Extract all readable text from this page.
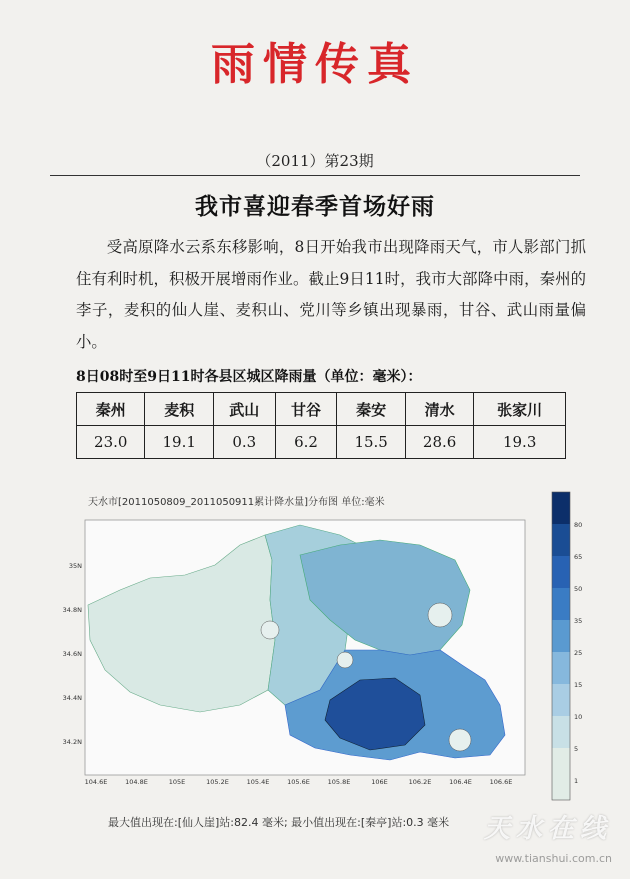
雨情传真
（2011）第23期
我市喜迎春季首场好雨
受高原降水云系东移影响，8日开始我市出现降雨天气，市人影部门抓住有利时机，积极开展增雨作业。截止9日11时，我市大部降中雨，秦州的李子，麦积的仙人崖、麦积山、党川等乡镇出现暴雨，甘谷、武山雨量偏小。
8日08时至9日11时各县区城区降雨量（单位：毫米）：
秦州	麦积	武山	甘谷	秦安	清水	张家川
23.0	19.1	0.3	6.2	15.5	28.6	19.3
天水市[2011050809_2011050911累计降水量]分布图 单位:毫米
35N
34.8N
34.6N
34.4N
34.2N
104.6E	104.8E	105E	105.2E	105.4E	105.6E	105.8E	106E	106.2E	106.4E	106.6E
80
65
50
35
25
15
10
5
1
最大值出现在:[仙人崖]站:82.4 毫米; 最小值出现在:[秦亭]站:0.3 毫米 天水在线
www.tianshui.com.cn
